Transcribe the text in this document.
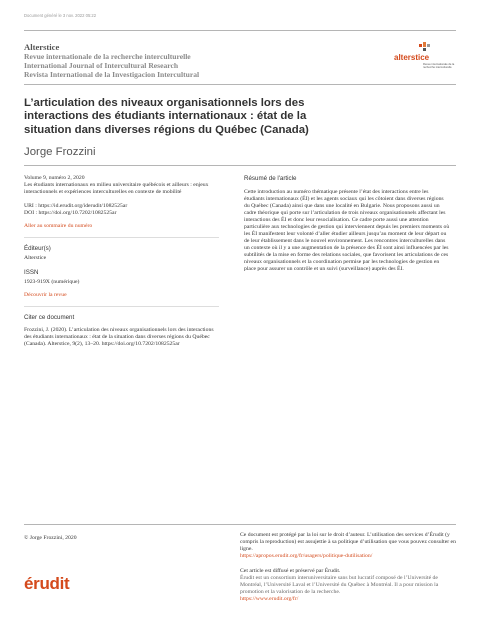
Document généré le 3 nov. 2022 05:22
Alterstice
Revue internationale de la recherche interculturelle
International Journal of Intercultural Research
Revista International de la Investigacion Intercultural
alterstice
Revue internationale de la recherche interculturelle
L’articulation des niveaux organisationnels lors des interactions des étudiants internationaux : état de la situation dans diverses régions du Québec (Canada)
Jorge Frozzini
Volume 9, numéro 2, 2020
Les étudiants internationaux en milieu universitaire québécois et ailleurs : enjeux interactionnels et expériences interculturelles en contexte de mobilité
URI : https://id.erudit.org/iderudit/1082525ar
DOI : https://doi.org/10.7202/1082525ar
Aller au sommaire du numéro
Éditeur(s)
Alterstice
ISSN
1923-919X (numérique)
Découvrir la revue
Citer ce document
Frozzini, J. (2020). L’articulation des niveaux organisationnels lors des interactions des étudiants internationaux : état de la situation dans diverses régions du Québec (Canada). Alterstice, 9(2), 13–20. https://doi.org/10.7202/1082525ar
Résumé de l'article
Cette introduction au numéro thématique présente l’état des interactions entre les étudiants internationaux (ÉI) et les agents sociaux qui les côtoient dans diverses régions du Québec (Canada) ainsi que dans une localité en Bulgarie. Nous proposons aussi un cadre théorique qui porte sur l’articulation de trois niveaux organisationnels affectant les interactions des ÉI et donc leur resocialisation. Ce cadre porte aussi une attention particulière aux technologies de gestion qui interviennent depuis les premiers moments où les ÉI manifestent leur volonté d’aller étudier ailleurs jusqu’au moment de leur départ ou de leur établissement dans le nouvel environnement. Les rencontres interculturelles dans un contexte où il y a une augmentation de la présence des ÉI sont ainsi influencées par les subtilités de la mise en forme des relations sociales, que favorisent les articulations de ces niveaux organisationnels et la coordination permise par les technologies de gestion en place pour assurer un contrôle et un suivi (surveillance) auprès des ÉI.
© Jorge Frozzini, 2020	Ce document est protégé par la loi sur le droit d’auteur. L’utilisation des services d’Érudit (y compris la reproduction) est assujettie à sa politique d’utilisation que vous pouvez consulter en ligne.
https://apropos.erudit.org/fr/usagers/politique-dutilisation/
Cet article est diffusé et préservé par Érudit.
Érudit est un consortium interuniversitaire sans but lucratif composé de l’Université de Montréal, l’Université Laval et l’Université du Québec à Montréal. Il a pour mission la promotion et la valorisation de la recherche.
https://www.erudit.org/fr/
érudit
